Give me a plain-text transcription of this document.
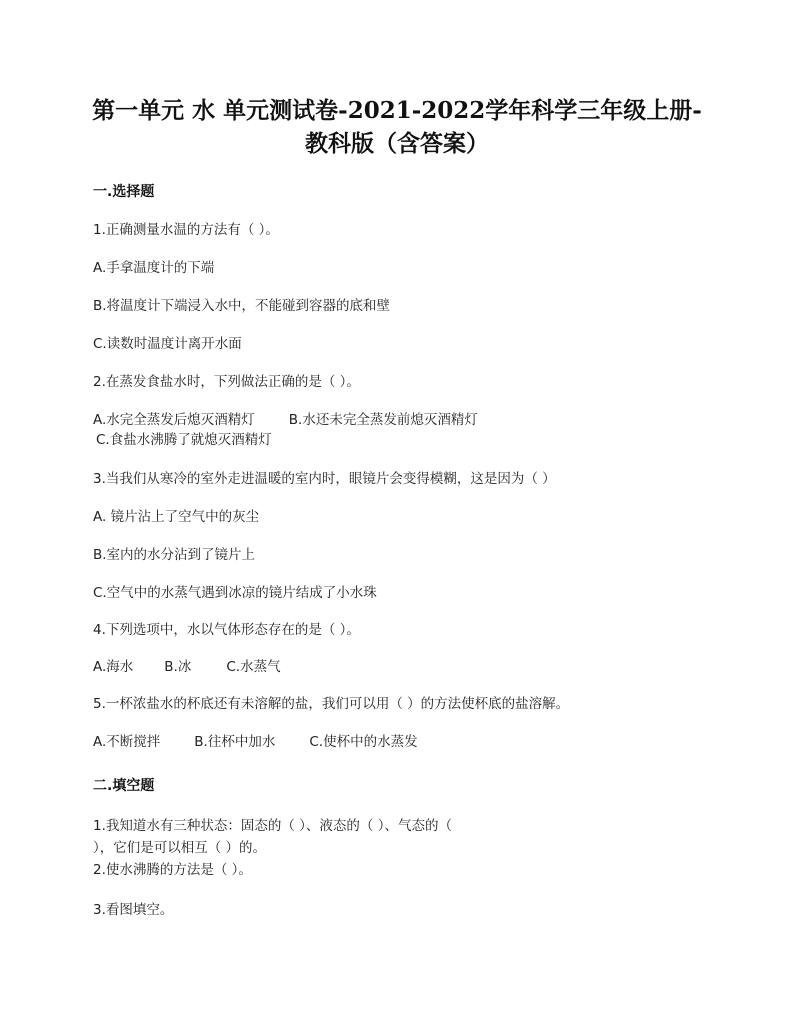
第一单元 水 单元测试卷-2021-2022学年科学三年级上册-
教科版（含答案）
一.选择题
1.正确测量水温的方法有（ ）。
A.手拿温度计的下端
B.将温度计下端浸入水中，不能碰到容器的底和壁
C.读数时温度计离开水面
2.在蒸发食盐水时，下列做法正确的是（ ）。
A.水完全蒸发后熄灭酒精灯	B.水还未完全蒸发前熄灭酒精灯
C.食盐水沸腾了就熄灭酒精灯
3.当我们从寒冷的室外走进温暖的室内时，眼镜片会变得模糊，这是因为（ ）
A. 镜片沾上了空气中的灰尘
B.室内的水分沾到了镜片上
C.空气中的水蒸气遇到冰凉的镜片结成了小水珠
4.下列选项中，水以气体形态存在的是（ ）。
A.海水 B.冰	C.水蒸气
5.一杯浓盐水的杯底还有未溶解的盐，我们可以用（ ）的方法使杯底的盐溶解。
A.不断搅拌	B.往杯中加水	C.使杯中的水蒸发
二.填空题
1.我知道水有三种状态：固态的（ ）、液态的（ ）、气态的（
），它们是可以相互（ ）的。
2.使水沸腾的方法是（ ）。
3.看图填空。
